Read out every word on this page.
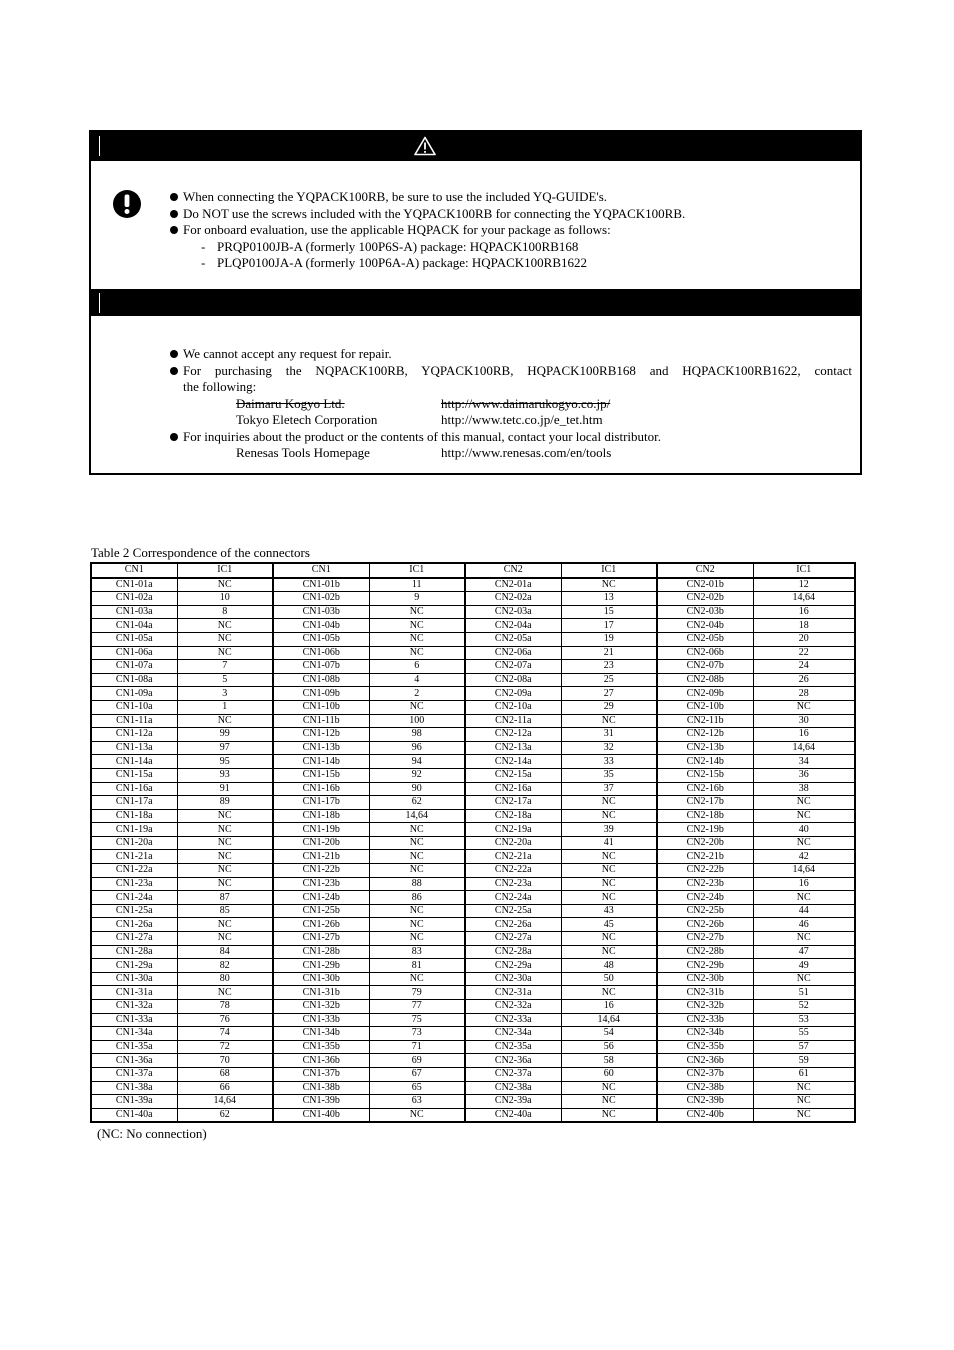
When connecting the YQPACK100RB, be sure to use the included YQ-GUIDE's.
Do NOT use the screws included with the YQPACK100RB for connecting the YQPACK100RB.
For onboard evaluation, use the applicable HQPACK for your package as follows:
- PRQP0100JB-A (formerly 100P6S-A) package: HQPACK100RB168
- PLQP0100JA-A (formerly 100P6A-A) package: HQPACK100RB1622
We cannot accept any request for repair.
For purchasing the NQPACK100RB, YQPACK100RB, HQPACK100RB168 and HQPACK100RB1622, contact
the following:
Daimaru Kogyo Ltd.	http://www.daimarukogyo.co.jp/
Tokyo Eletech Corporation	http://www.tetc.co.jp/e_tet.htm
For inquiries about the product or the contents of this manual, contact your local distributor.
Renesas Tools Homepage	http://www.renesas.com/en/tools
Table 2 Correspondence of the connectors
CN1	IC1	CN1	IC1	CN2	IC1	CN2	IC1
CN1-01a	NC	CN1-01b	11	CN2-01a	NC	CN2-01b	12
CN1-02a	10	CN1-02b	9	CN2-02a	13	CN2-02b	14,64
CN1-03a	8	CN1-03b	NC	CN2-03a	15	CN2-03b	16
CN1-04a	NC	CN1-04b	NC	CN2-04a	17	CN2-04b	18
CN1-05a	NC	CN1-05b	NC	CN2-05a	19	CN2-05b	20
CN1-06a	NC	CN1-06b	NC	CN2-06a	21	CN2-06b	22
CN1-07a	7	CN1-07b	6	CN2-07a	23	CN2-07b	24
CN1-08a	5	CN1-08b	4	CN2-08a	25	CN2-08b	26
CN1-09a	3	CN1-09b	2	CN2-09a	27	CN2-09b	28
CN1-10a	1	CN1-10b	NC	CN2-10a	29	CN2-10b	NC
CN1-11a	NC	CN1-11b	100	CN2-11a	NC	CN2-11b	30
CN1-12a	99	CN1-12b	98	CN2-12a	31	CN2-12b	16
CN1-13a	97	CN1-13b	96	CN2-13a	32	CN2-13b	14,64
CN1-14a	95	CN1-14b	94	CN2-14a	33	CN2-14b	34
CN1-15a	93	CN1-15b	92	CN2-15a	35	CN2-15b	36
CN1-16a	91	CN1-16b	90	CN2-16a	37	CN2-16b	38
CN1-17a	89	CN1-17b	62	CN2-17a	NC	CN2-17b	NC
CN1-18a	NC	CN1-18b	14,64	CN2-18a	NC	CN2-18b	NC
CN1-19a	NC	CN1-19b	NC	CN2-19a	39	CN2-19b	40
CN1-20a	NC	CN1-20b	NC	CN2-20a	41	CN2-20b	NC
CN1-21a	NC	CN1-21b	NC	CN2-21a	NC	CN2-21b	42
CN1-22a	NC	CN1-22b	NC	CN2-22a	NC	CN2-22b	14,64
CN1-23a	NC	CN1-23b	88	CN2-23a	NC	CN2-23b	16
CN1-24a	87	CN1-24b	86	CN2-24a	NC	CN2-24b	NC
CN1-25a	85	CN1-25b	NC	CN2-25a	43	CN2-25b	44
CN1-26a	NC	CN1-26b	NC	CN2-26a	45	CN2-26b	46
CN1-27a	NC	CN1-27b	NC	CN2-27a	NC	CN2-27b	NC
CN1-28a	84	CN1-28b	83	CN2-28a	NC	CN2-28b	47
CN1-29a	82	CN1-29b	81	CN2-29a	48	CN2-29b	49
CN1-30a	80	CN1-30b	NC	CN2-30a	50	CN2-30b	NC
CN1-31a	NC	CN1-31b	79	CN2-31a	NC	CN2-31b	51
CN1-32a	78	CN1-32b	77	CN2-32a	16	CN2-32b	52
CN1-33a	76	CN1-33b	75	CN2-33a	14,64	CN2-33b	53
CN1-34a	74	CN1-34b	73	CN2-34a	54	CN2-34b	55
CN1-35a	72	CN1-35b	71	CN2-35a	56	CN2-35b	57
CN1-36a	70	CN1-36b	69	CN2-36a	58	CN2-36b	59
CN1-37a	68	CN1-37b	67	CN2-37a	60	CN2-37b	61
CN1-38a	66	CN1-38b	65	CN2-38a	NC	CN2-38b	NC
CN1-39a	14,64	CN1-39b	63	CN2-39a	NC	CN2-39b	NC
CN1-40a	62	CN1-40b	NC	CN2-40a	NC	CN2-40b	NC
(NC: No connection)
